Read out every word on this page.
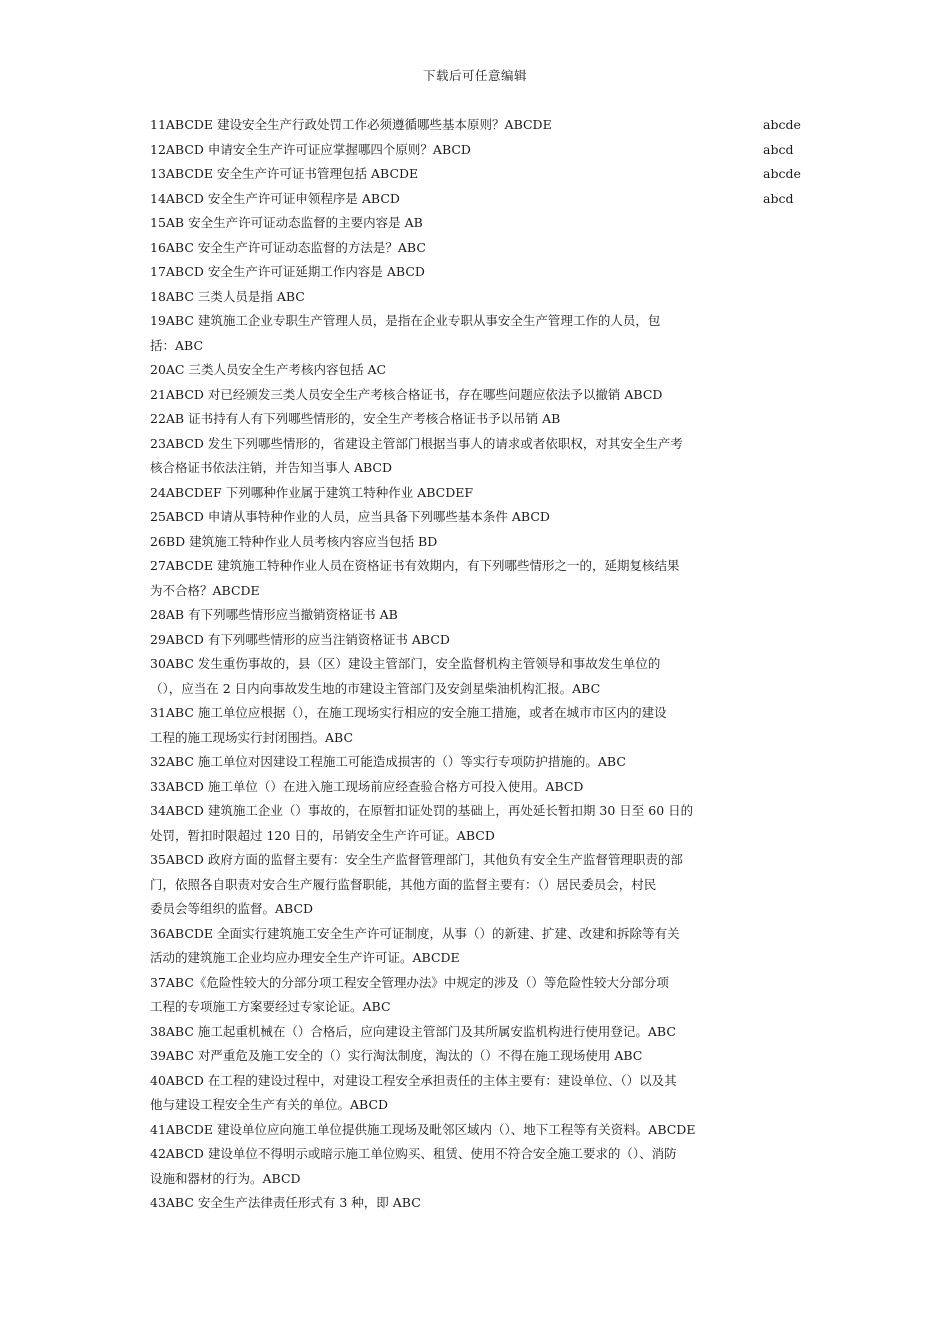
下载后可任意编辑
abcde
abcd
abcde
abcd
11ABCDE 建设安全生产行政处罚工作必须遵循哪些基本原则？ABCDE
12ABCD 申请安全生产许可证应掌握哪四个原则？ABCD
13ABCDE 安全生产许可证书管理包括 ABCDE
14ABCD 安全生产许可证申领程序是 ABCD
15AB 安全生产许可证动态监督的主要内容是 AB
16ABC 安全生产许可证动态监督的方法是？ABC
17ABCD 安全生产许可证延期工作内容是 ABCD
18ABC 三类人员是指 ABC
19ABC 建筑施工企业专职生产管理人员，是指在企业专职从事安全生产管理工作的人员，包
括：ABC
20AC 三类人员安全生产考核内容包括 AC
21ABCD 对已经颁发三类人员安全生产考核合格证书，存在哪些问题应依法予以撤销 ABCD
22AB 证书持有人有下列哪些情形的，安全生产考核合格证书予以吊销 AB
23ABCD 发生下列哪些情形的，省建设主管部门根据当事人的请求或者依职权，对其安全生产考
核合格证书依法注销，并告知当事人 ABCD
24ABCDEF 下列哪种作业属于建筑工特种作业 ABCDEF
25ABCD 申请从事特种作业的人员，应当具备下列哪些基本条件 ABCD
26BD 建筑施工特种作业人员考核内容应当包括 BD
27ABCDE 建筑施工特种作业人员在资格证书有效期内，有下列哪些情形之一的，延期复核结果
为不合格？ABCDE
28AB 有下列哪些情形应当撤销资格证书 AB
29ABCD 有下列哪些情形的应当注销资格证书 ABCD
30ABC 发生重伤事故的，县（区）建设主管部门，安全监督机构主管领导和事故发生单位的
（），应当在 2 日内向事故发生地的市建设主管部门及安剑星柴油机构汇报。ABC
31ABC 施工单位应根据（），在施工现场实行相应的安全施工措施，或者在城市市区内的建设
工程的施工现场实行封闭围挡。ABC
32ABC 施工单位对因建设工程施工可能造成损害的（）等实行专项防护措施的。ABC
33ABCD 施工单位（）在进入施工现场前应经查验合格方可投入使用。ABCD
34ABCD 建筑施工企业（）事故的，在原暂扣证处罚的基础上，再处延长暂扣期 30 日至 60 日的
处罚，暂扣时限超过 120 日的，吊销安全生产许可证。ABCD
35ABCD 政府方面的监督主要有：安全生产监督管理部门，其他负有安全生产监督管理职责的部
门，依照各自职责对安合生产履行监督职能，其他方面的监督主要有：（）居民委员会，村民
委员会等组织的监督。ABCD
36ABCDE 全面实行建筑施工安全生产许可证制度，从事（）的新建、扩建、改建和拆除等有关
活动的建筑施工企业均应办理安全生产许可证。ABCDE
37ABC《危险性较大的分部分项工程安全管理办法》中规定的涉及（）等危险性较大分部分项
工程的专项施工方案要经过专家论证。ABC
38ABC 施工起重机械在（）合格后，应向建设主管部门及其所属安监机构进行使用登记。ABC
39ABC 对严重危及施工安全的（）实行淘汰制度，淘汰的（）不得在施工现场使用 ABC
40ABCD 在工程的建设过程中，对建设工程安全承担责任的主体主要有：建设单位、（）以及其
他与建设工程安全生产有关的单位。ABCD
41ABCDE 建设单位应向施工单位提供施工现场及毗邻区域内（）、地下工程等有关资料。ABCDE
42ABCD 建设单位不得明示或暗示施工单位购买、租赁、使用不符合安全施工要求的（）、消防
设施和器材的行为。ABCD
43ABC 安全生产法律责任形式有 3 种，即 ABC
